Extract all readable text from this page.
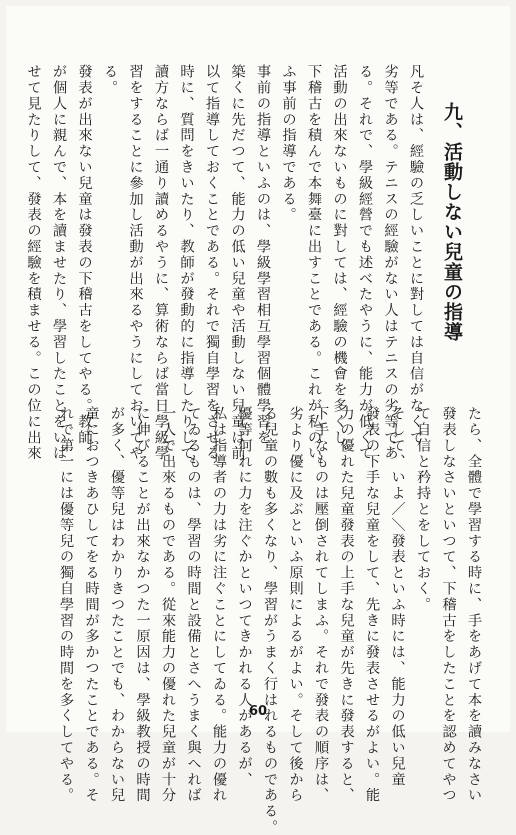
九、活動しない兒童の指導

凡そ人は、經驗の乏しいことに對しては自信がなくて

劣等である。テニスの經驗がない人はテニスの劣等であ

る。それで、學級經營でも述べたやうに、能力が低くて

活動の出來ないものに對しては、經驗の機會を多くし、

下稽古を積んで本舞臺に出すことである。これが私のい

ふ事前の指導である。

事前の指導といふのは、學級學習相互學習個體學習を

築くに先だつて、能力の低い兒童や活動しない兒童は前

以て指導しておくことである。それで獨自學習をさせる

時に、質問をきいたり、教師が發動的に指導したりして

讀方ならば一通り讀めるやうに、算術ならば當日學級學

習をすることに參加し活動が出來るやうにしておいてや

る。

發表が出來ない兒童は發表の下稽古をしてやる。教師

が個人に親んで、本を讀ませたり、學習したことをいは

せて見たりして、發表の經驗を積ませる。この位に出來

たら、全體で學習する時に、手をあげて本を讀みなさい

發表しなさいといつて、下稽古をしたことを認めてやつ

て自信と矜持とをしておく。

そして、いよ／＼發表といふ時には、能力の低い兒童

發表の下手な兒童をして、先きに發表させるがよい。能

力の優れた兒童發表の上手な兒童が先きに發表すると、

下手なものは壓倒されてしまふ。それで發表の順序は、

劣より優に及ぶといふ原則によるがよい。そして後から

る兒童の數も多くなり、學習がうまく行はれるものである。

優等何れに力を注ぐかといつてきかれる人があるが、

私は指導者の力は劣に注ぐことにしてゐる。能力の優れ

てゐるものは、學習の時間と設備とさへうまく與へれば

一人で出來るものである。從來能力の優れた兒童が十分

に伸びることが出來なかつた一原因は、學級教授の時間

が多く、優等兒はわかりきつたことでも、わからない兒

童におつきあひしてをる時間が多かつたことである。そ

れで第一には優等兒の獨自學習の時間を多くしてやる。	60
